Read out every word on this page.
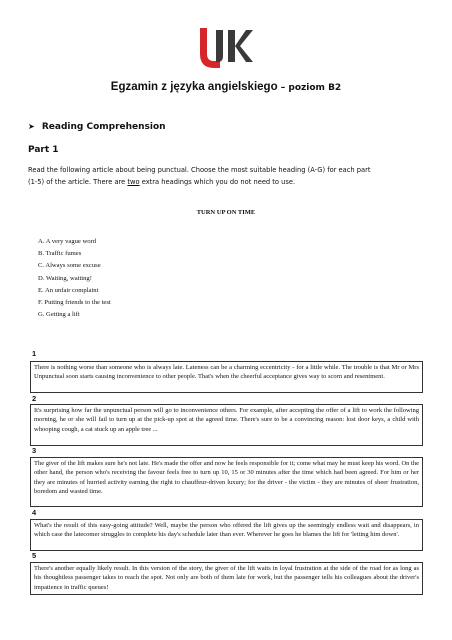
Egzamin z języka angielskiego – poziom B2
➤ Reading Comprehension
Part 1
Read the following article about being punctual. Choose the most suitable heading (A-G) for each part
(1-5) of the article. There are two extra headings which you do not need to use.
TURN UP ON TIME
A. A very vague word
B. Traffic fumes
C. Always some excuse
D. Waiting, waiting!
E. An unfair complaint
F. Putting friends to the test
G. Getting a lift
1
There is nothing worse than someone who is always late. Lateness can be a charming eccentricity - for a little while. The trouble is that Mr or Mrs Unpunctual soon starts causing inconvenience to other people. That's when the cheerful acceptance gives way to scorn and resentment.
2
It's surprising how far the unpunctual person will go to inconvenience others. For example, after accepting the offer of a lift to work the following morning, he or she will fail to turn up at the pick-up spot at the agreed time. There's sure to be a convincing reason: lost door keys, a child with whooping cough, a cat stuck up an apple tree ...
3
The giver of the lift makes sure he's not late. He's made the offer and now he feels responsible for it; come what may he must keep his word. On the other hand, the person who's receiving the favour feels free to turn up 10, 15 or 30 minutes after the time which had been agreed. For him or her they are minutes of hurried activity earning the right to chauffeur-driven luxury; for the driver - the victim - they are minutes of sheer frustration, boredom and wasted time.
4
What's the result of this easy-going attitude? Well, maybe the person who offered the lift gives up the seemingly endless wait and disappears, in which case the latecomer struggles to complete his day's schedule later than ever. Wherever he goes he blames the lift for 'letting him down'.
5
There's another equally likely result. In this version of the story, the giver of the lift waits in loyal frustration at the side of the road for as long as his thoughtless passenger takes to reach the spot. Not only are both of them late for work, but the passenger tells his colleagues about the driver's impatience in traffic queues!
